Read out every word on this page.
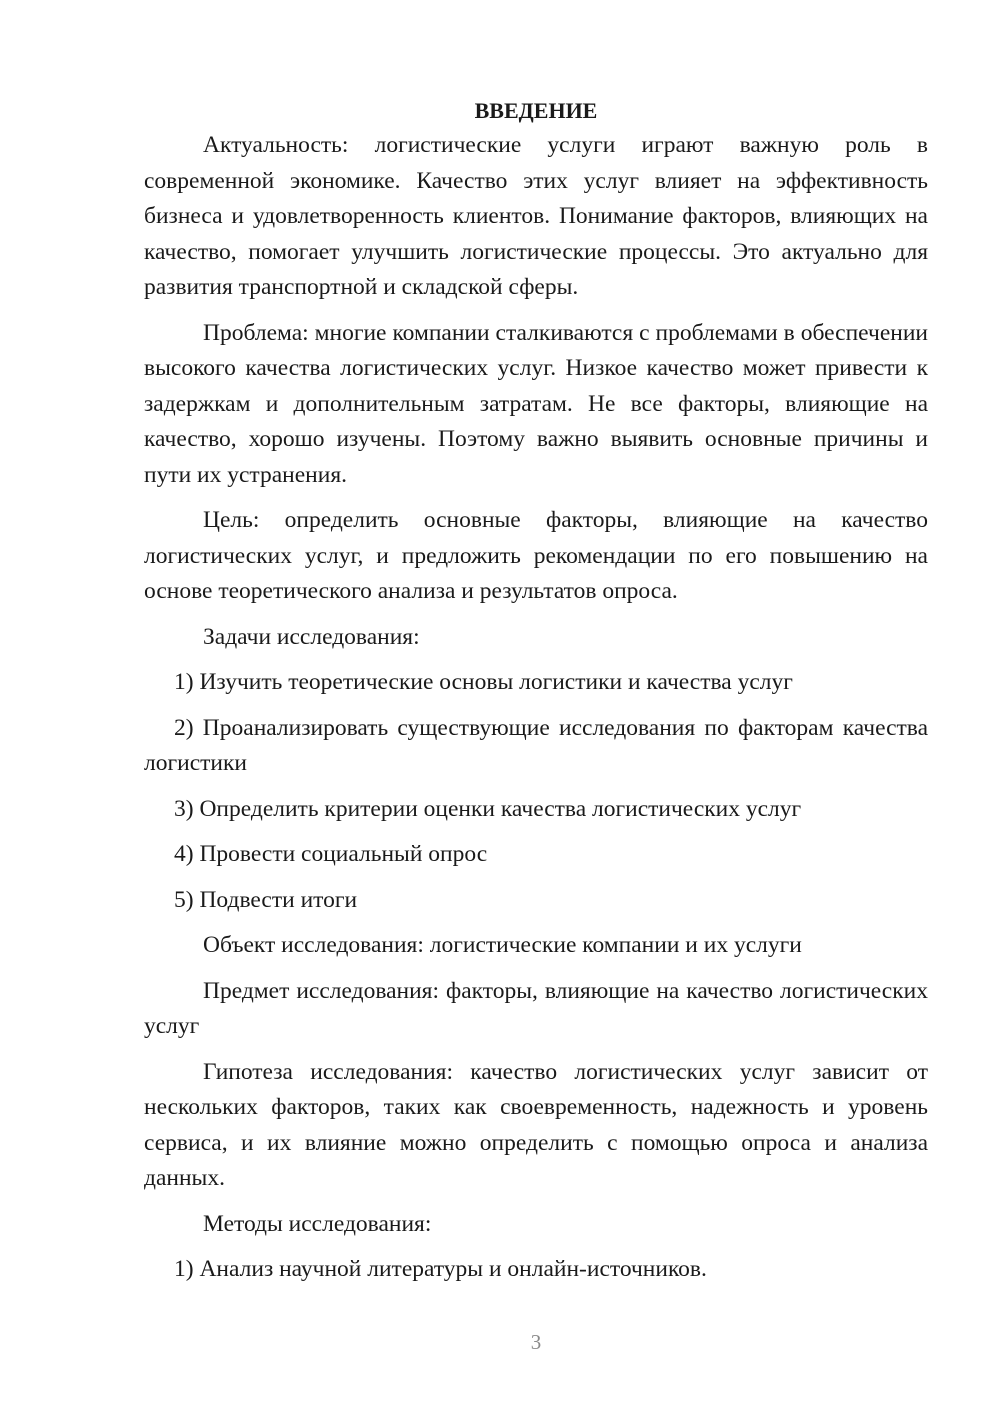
ВВЕДЕНИЕ

Актуальность: логистические услуги играют важную роль в современной экономике. Качество этих услуг влияет на эффективность бизнеса и удовлетворенность клиентов. Понимание факторов, влияющих на качество, помогает улучшить логистические процессы. Это актуально для развития транспортной и складской сферы.

Проблема: многие компании сталкиваются с проблемами в обеспечении высокого качества логистических услуг. Низкое качество может привести к задержкам и дополнительным затратам. Не все факторы, влияющие на качество, хорошо изучены. Поэтому важно выявить основные причины и пути их устранения.

Цель: определить основные факторы, влияющие на качество логистических услуг, и предложить рекомендации по его повышению на основе теоретического анализа и результатов опроса.

Задачи исследования:

1) Изучить теоретические основы логистики и качества услуг

2) Проанализировать существующие исследования по факторам качества логистики

3) Определить критерии оценки качества логистических услуг

4) Провести социальный опрос

5) Подвести итоги

Объект исследования: логистические компании и их услуги

Предмет исследования: факторы, влияющие на качество логистических услуг

Гипотеза исследования: качество логистических услуг зависит от нескольких факторов, таких как своевременность, надежность и уровень сервиса, и их влияние можно определить с помощью опроса и анализа данных.

Методы исследования:

1) Анализ научной литературы и онлайн-источников.

3
